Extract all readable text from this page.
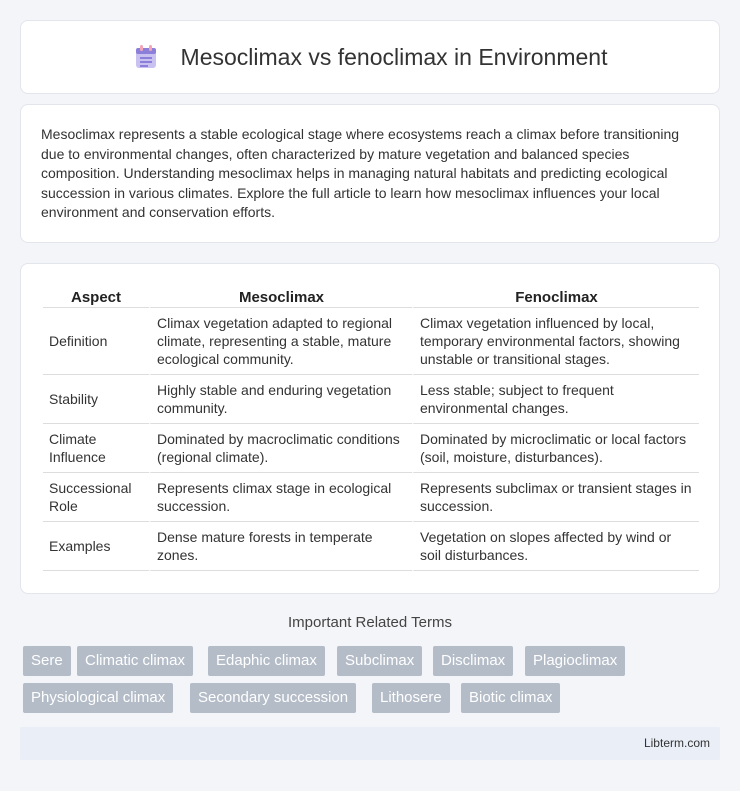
Mesoclimax vs fenoclimax in Environment

Mesoclimax represents a stable ecological stage where ecosystems reach a climax before transitioning due to environmental changes, often characterized by mature vegetation and balanced species composition. Understanding mesoclimax helps in managing natural habitats and predicting ecological succession in various climates. Explore the full article to learn how mesoclimax influences your local environment and conservation efforts.

Aspect	Mesoclimax	Fenoclimax
Definition	Climax vegetation adapted to regional climate, representing a stable, mature ecological community.	Climax vegetation influenced by local, temporary environmental factors, showing unstable or transitional stages.
Stability	Highly stable and enduring vegetation community.	Less stable; subject to frequent environmental changes.
Climate Influence	Dominated by macroclimatic conditions (regional climate).	Dominated by microclimatic or local factors (soil, moisture, disturbances).
Successional Role	Represents climax stage in ecological succession.	Represents subclimax or transient stages in succession.
Examples	Dense mature forests in temperate zones.	Vegetation on slopes affected by wind or soil disturbances.
Important Related Terms
Sere	Climatic climax	Edaphic climax	Subclimax	Disclimax	Plagioclimax
Physiological climax	Secondary succession	Lithosere	Biotic climax
Libterm.com
